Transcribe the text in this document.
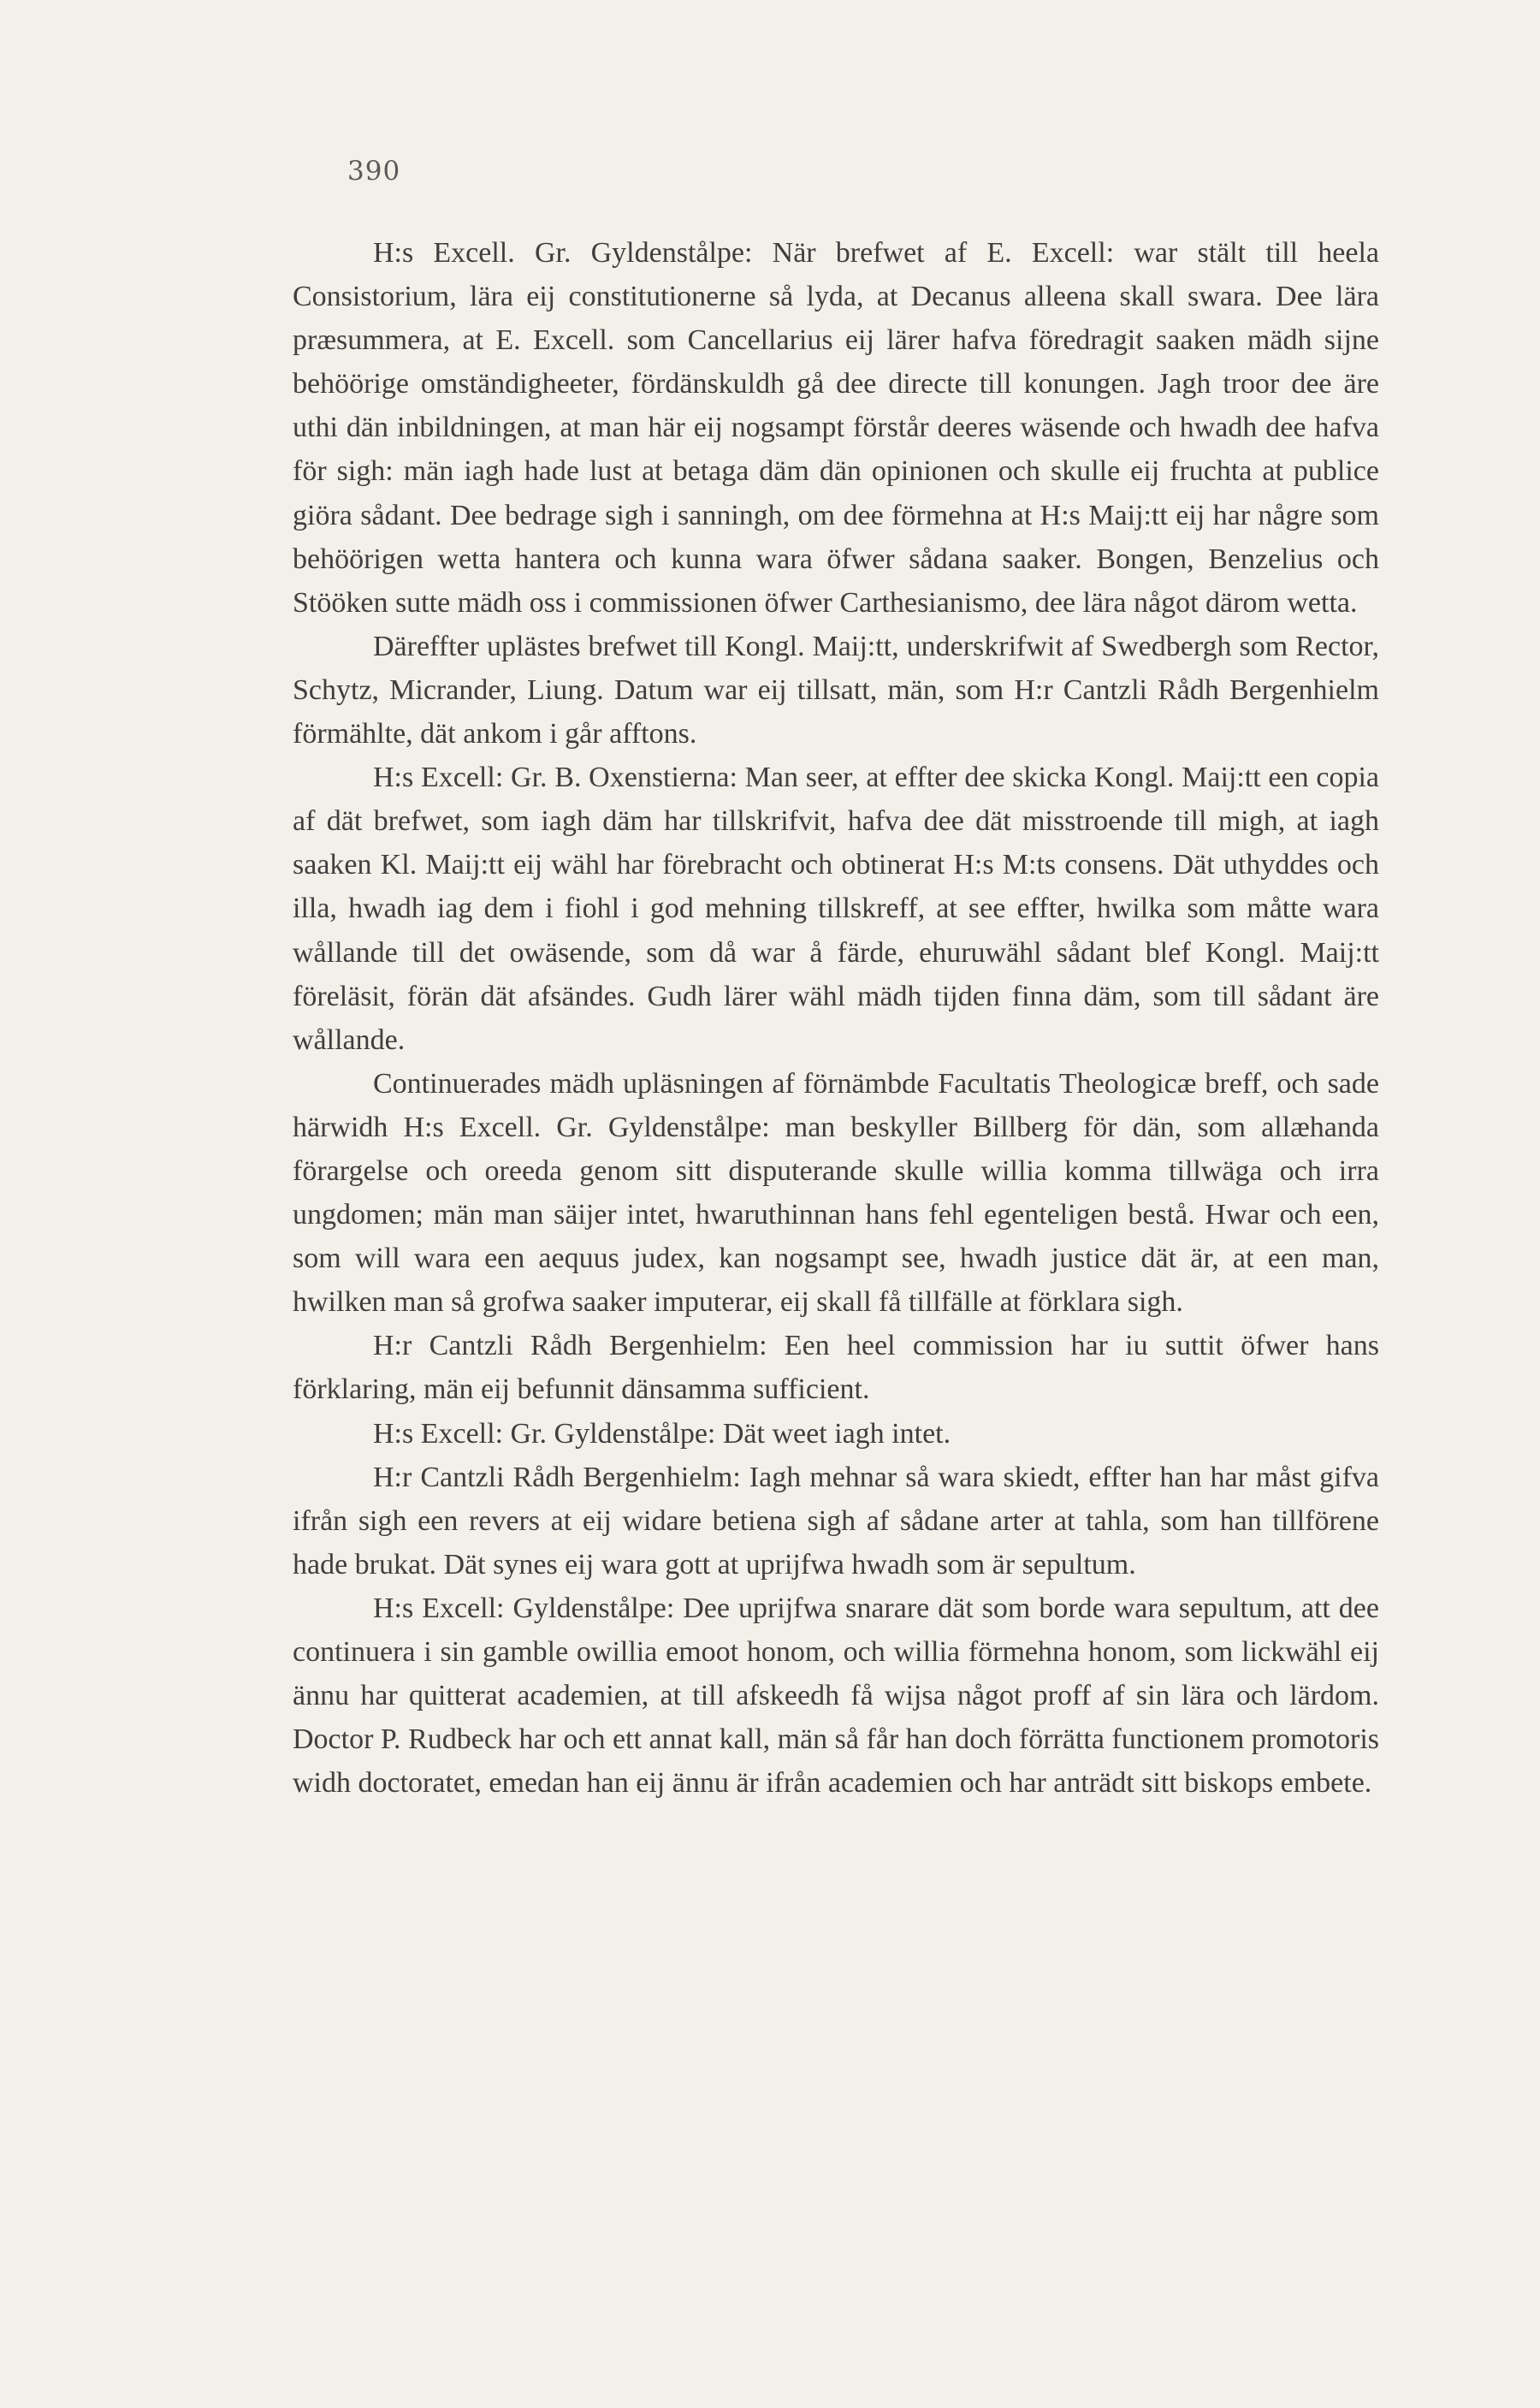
390

H:s Excell. Gr. Gyldenstålpe: När brefwet af E. Excell: war stält till heela Consistorium, lära eij constitutionerne så lyda, at Decanus alleena skall swara. Dee lära præsummera, at E. Excell. som Cancellarius eij lärer hafva föredragit saaken mädh sijne behöörige omständigheeter, fördänskuldh gå dee directe till konungen. Jagh troor dee äre uthi dän inbildningen, at man här eij nogsampt förstår deeres wäsende och hwadh dee hafva för sigh: män iagh hade lust at betaga däm dän opinionen och skulle eij fruchta at publice giöra sådant. Dee bedrage sigh i sanningh, om dee förmehna at H:s Maij:tt eij har någre som behöörigen wetta hantera och kunna wara öfwer sådana saaker. Bongen, Benzelius och Stööken sutte mädh oss i commissionen öfwer Carthesianismo, dee lära något därom wetta.

Däreffter uplästes brefwet till Kongl. Maij:tt, underskrifwit af Swedbergh som Rector, Schytz, Micrander, Liung. Datum war eij tillsatt, män, som H:r Cantzli Rådh Bergenhielm förmählte, dät ankom i går afftons.

H:s Excell: Gr. B. Oxenstierna: Man seer, at effter dee skicka Kongl. Maij:tt een copia af dät brefwet, som iagh däm har tillskrifvit, hafva dee dät misstroende till migh, at iagh saaken Kl. Maij:tt eij wähl har förebracht och obtinerat H:s M:ts consens. Dät uthyddes och illa, hwadh iag dem i fiohl i god mehning tillskreff, at see effter, hwilka som måtte wara wållande till det owäsende, som då war å färde, ehuruwähl sådant blef Kongl. Maij:tt föreläsit, förän dät afsändes. Gudh lärer wähl mädh tijden finna däm, som till sådant äre wållande.

Continuerades mädh upläsningen af förnämbde Facultatis Theologicæ breff, och sade härwidh H:s Excell. Gr. Gyldenstålpe: man beskyller Billberg för dän, som allæhanda förargelse och oreeda genom sitt disputerande skulle willia komma tillwäga och irra ungdomen; män man säijer intet, hwaruthinnan hans fehl egenteligen bestå. Hwar och een, som will wara een aequus judex, kan nogsampt see, hwadh justice dät är, at een man, hwilken man så grofwa saaker imputerar, eij skall få tillfälle at förklara sigh.

H:r Cantzli Rådh Bergenhielm: Een heel commission har iu suttit öfwer hans förklaring, män eij befunnit dänsamma sufficient.

H:s Excell: Gr. Gyldenstålpe: Dät weet iagh intet.

H:r Cantzli Rådh Bergenhielm: Iagh mehnar så wara skiedt, effter han har måst gifva ifrån sigh een revers at eij widare betiena sigh af sådane arter at tahla, som han tillförene hade brukat. Dät synes eij wara gott at uprijfwa hwadh som är sepultum.

H:s Excell: Gyldenstålpe: Dee uprijfwa snarare dät som borde wara sepultum, att dee continuera i sin gamble owillia emoot honom, och willia förmehna honom, som lickwähl eij ännu har quitterat academien, at till afskeedh få wijsa något proff af sin lära och lärdom. Doctor P. Rudbeck har och ett annat kall, män så får han doch förrätta functionem promotoris widh doctoratet, emedan han eij ännu är ifrån academien och har anträdt sitt biskops embete.
